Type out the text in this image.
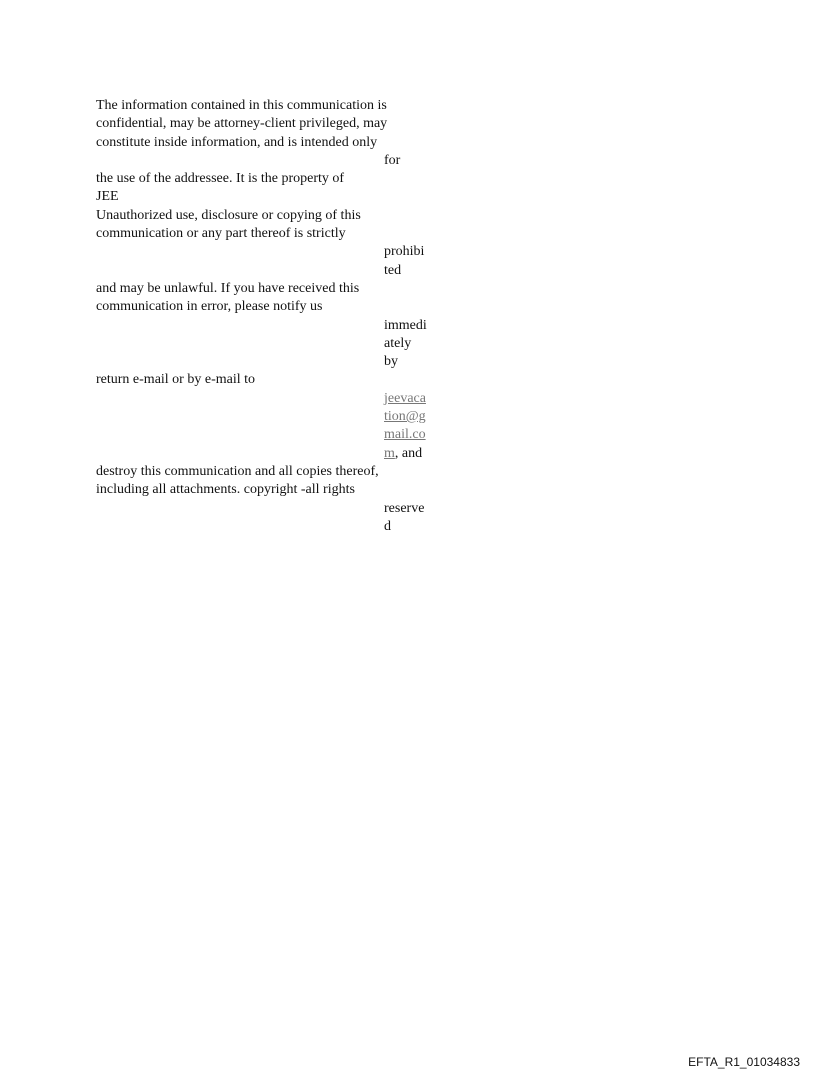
The information contained in this communication is
confidential, may be attorney-client privileged, may
constitute inside information, and is intended only
for
the use of the addressee. It is the property of
JEE
Unauthorized use, disclosure or copying of this
communication or any part thereof is strictly
prohibi
ted
and may be unlawful. If you have received this
communication in error, please notify us
immedi
ately
by
return e-mail or by e-mail to
jeevaca
tion@g
mail.co
m, and
destroy this communication and all copies thereof,
including all attachments. copyright -all rights
reserve
d
EFTA_R1_01034833
